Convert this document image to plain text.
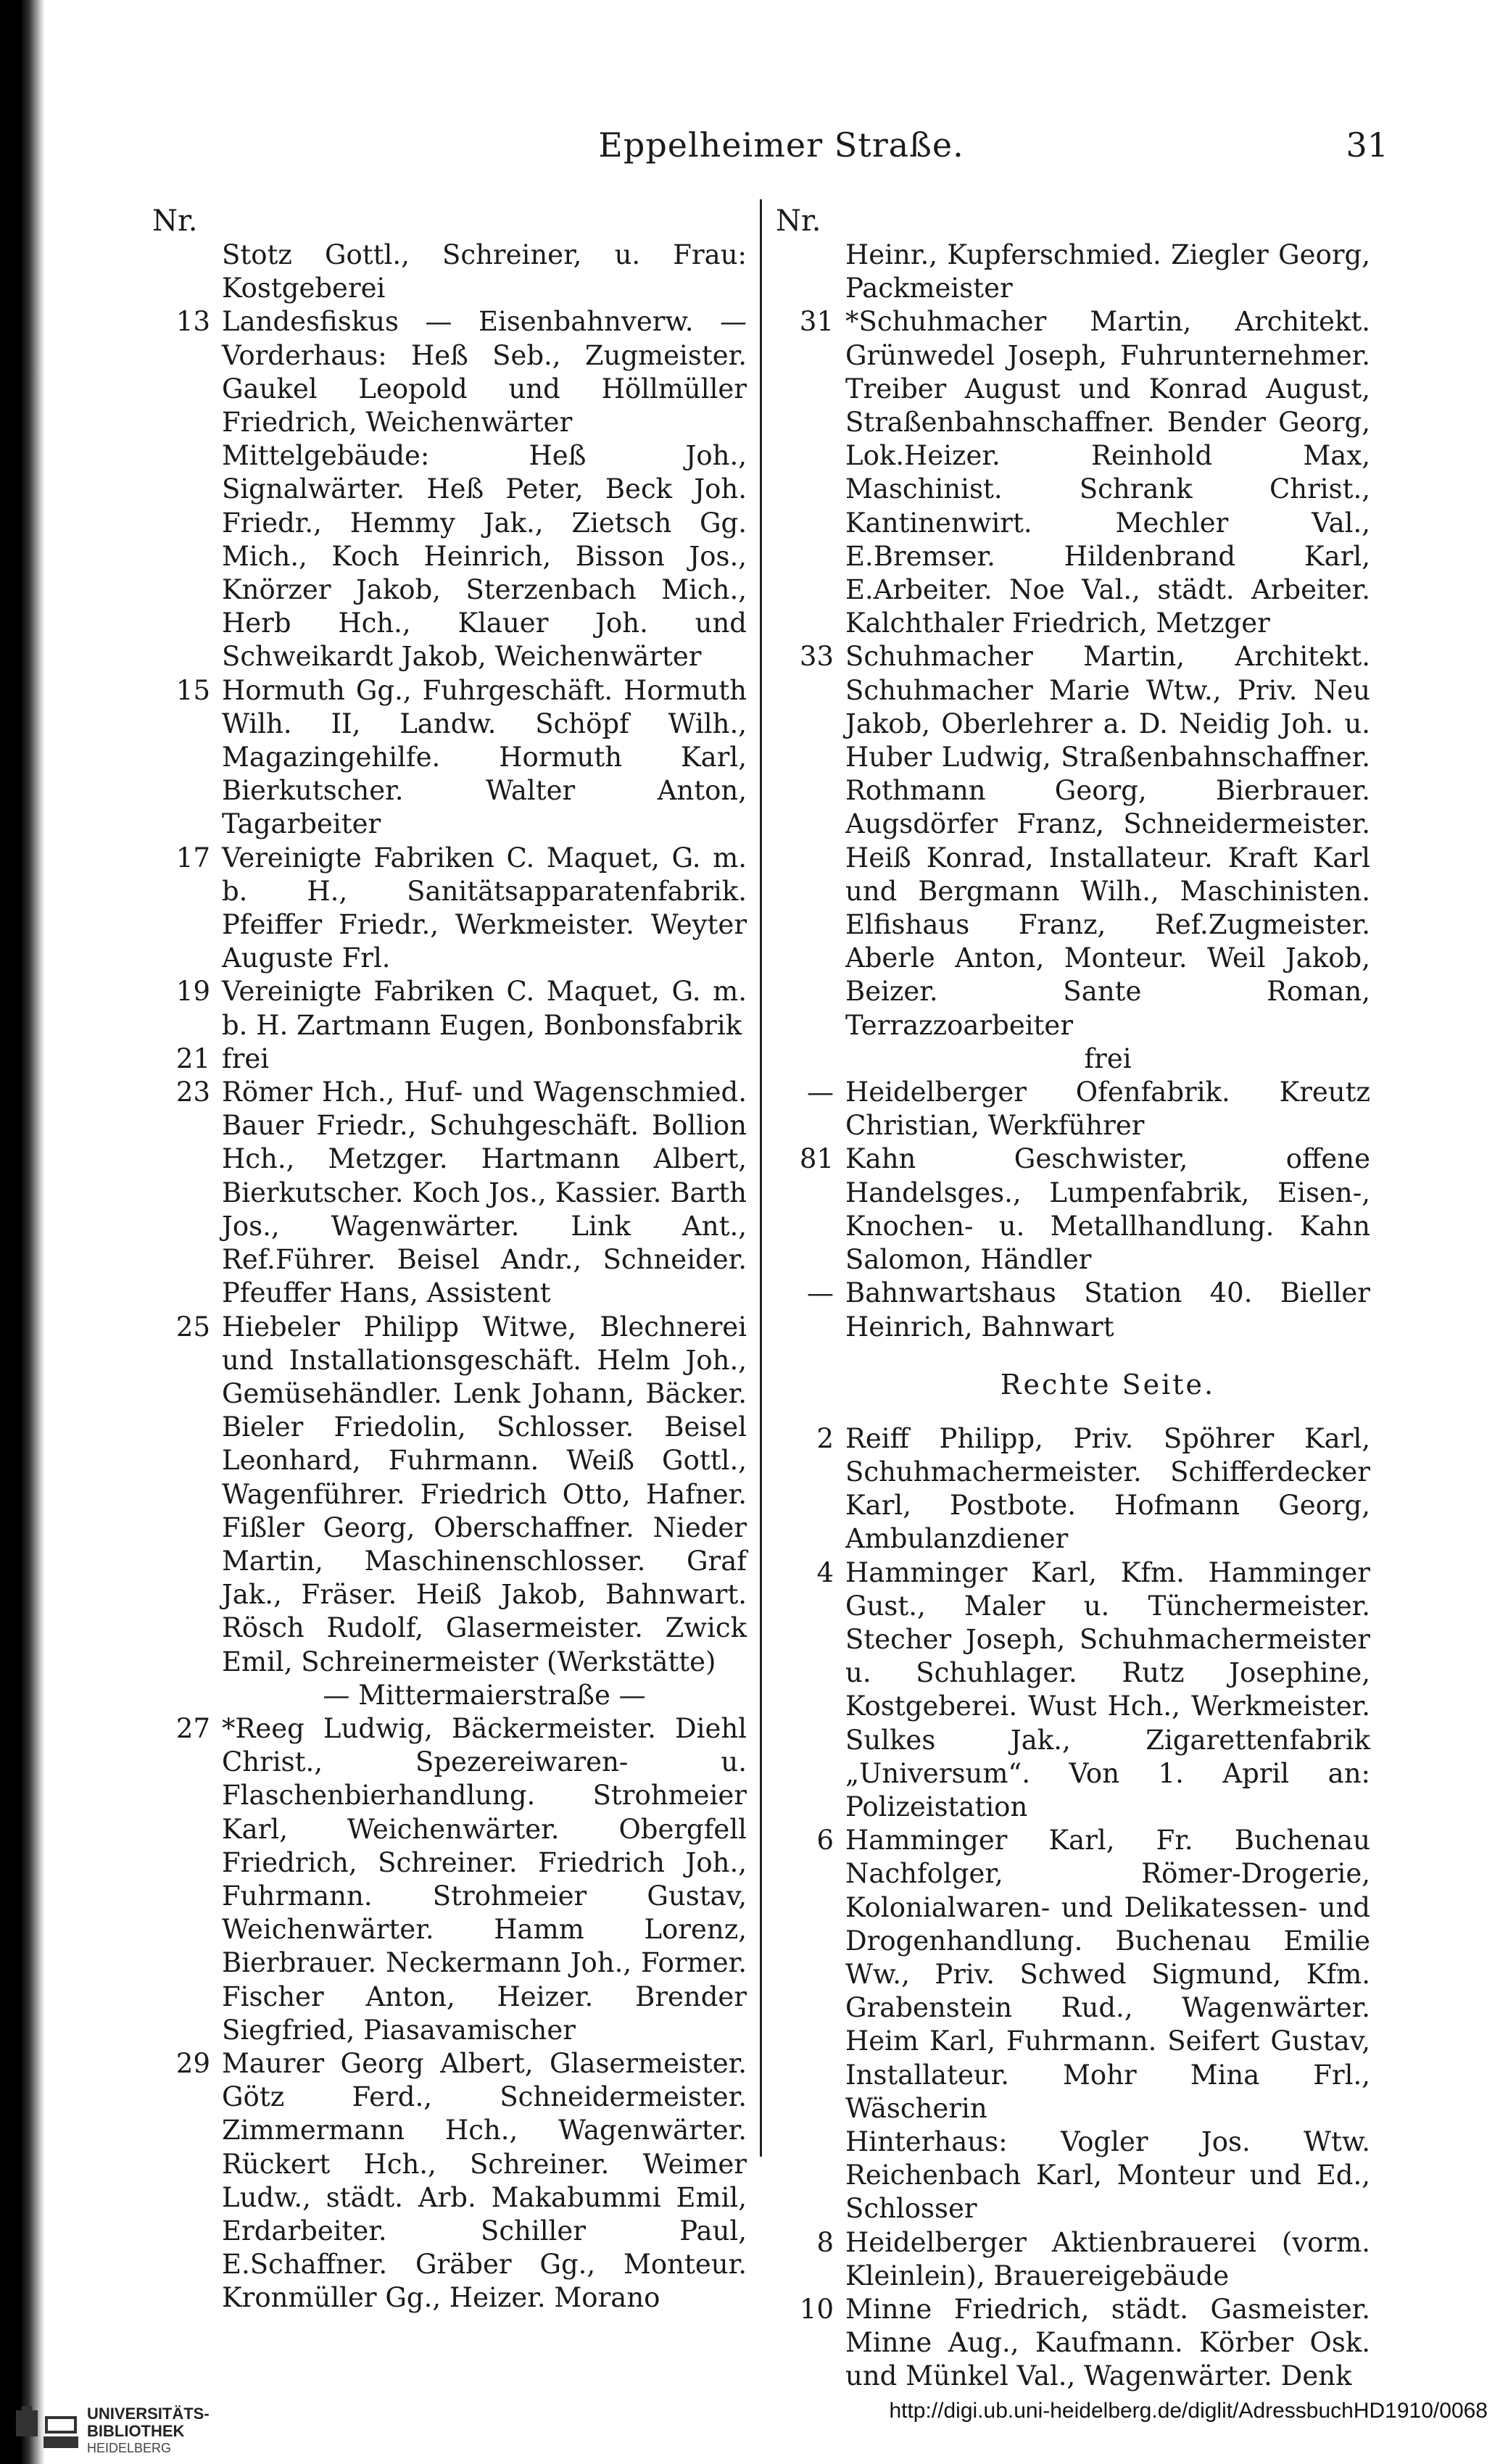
Eppelheimer Straße.	31
Nr.
Stotz Gottl., Schreiner, u. Frau: Kostgeberei
13 Landesfiskus — Eisenbahnverw. — Vorderhaus: Heß Seb., Zugmeister. Gaukel Leopold und Höllmüller Friedrich, Weichenwärter
Mittelgebäude: Heß Joh., Signalwärter. Heß Peter, Beck Joh. Friedr., Hemmy Jak., Zietsch Gg. Mich., Koch Heinrich, Bisson Jos., Knörzer Jakob, Sterzenbach Mich., Herb Hch., Klauer Joh. und Schweikardt Jakob, Weichenwärter
15 Hormuth Gg., Fuhrgeschäft. Hormuth Wilh. II, Landw. Schöpf Wilh., Magazingehilfe. Hormuth Karl, Bierkutscher. Walter Anton, Tagarbeiter
17 Vereinigte Fabriken C. Maquet, G. m. b. H., Sanitätsapparatenfabrik. Pfeiffer Friedr., Werkmeister. Weyter Auguste Frl.
19 Vereinigte Fabriken C. Maquet, G. m. b. H. Zartmann Eugen, Bonbonsfabrik
21 frei
23 Römer Hch., Huf- und Wagenschmied. Bauer Friedr., Schuhgeschäft. Bollion Hch., Metzger. Hartmann Albert, Bierkutscher. Koch Jos., Kassier. Barth Jos., Wagenwärter. Link Ant., Ref.Führer. Beisel Andr., Schneider. Pfeuffer Hans, Assistent
25 Hiebeler Philipp Witwe, Blechnerei und Installationsgeschäft. Helm Joh., Gemüsehändler. Lenk Johann, Bäcker. Bieler Friedolin, Schlosser. Beisel Leonhard, Fuhrmann. Weiß Gottl., Wagenführer. Friedrich Otto, Hafner. Fißler Georg, Oberschaffner. Nieder Martin, Maschinenschlosser. Graf Jak., Fräser. Heiß Jakob, Bahnwart. Rösch Rudolf, Glasermeister. Zwick Emil, Schreinermeister (Werkstätte)
— Mittermaierstraße —
27 *Reeg Ludwig, Bäckermeister. Diehl Christ., Spezereiwaren- u. Flaschenbierhandlung. Strohmeier Karl, Weichenwärter. Obergfell Friedrich, Schreiner. Friedrich Joh., Fuhrmann. Strohmeier Gustav, Weichenwärter. Hamm Lorenz, Bierbrauer. Neckermann Joh., Former. Fischer Anton, Heizer. Brender Siegfried, Piasavamischer
29 Maurer Georg Albert, Glasermeister. Götz Ferd., Schneidermeister. Zimmermann Hch., Wagenwärter. Rückert Hch., Schreiner. Weimer Ludw., städt. Arb. Makabummi Emil, Erdarbeiter. Schiller Paul, E.Schaffner. Gräber Gg., Monteur. Kronmüller Gg., Heizer. Morano
Nr.
Heinr., Kupferschmied. Ziegler Georg, Packmeister
31 *Schuhmacher Martin, Architekt. Grünwedel Joseph, Fuhrunternehmer. Treiber August und Konrad August, Straßenbahnschaffner. Bender Georg, Lok.Heizer. Reinhold Max, Maschinist. Schrank Christ., Kantinenwirt. Mechler Val., E.Bremser. Hildenbrand Karl, E.Arbeiter. Noe Val., städt. Arbeiter. Kalchthaler Friedrich, Metzger
33 Schuhmacher Martin, Architekt. Schuhmacher Marie Wtw., Priv. Neu Jakob, Oberlehrer a. D. Neidig Joh. u. Huber Ludwig, Straßenbahnschaffner. Rothmann Georg, Bierbrauer. Augsdörfer Franz, Schneidermeister. Heiß Konrad, Installateur. Kraft Karl und Bergmann Wilh., Maschinisten. Elfishaus Franz, Ref.Zugmeister. Aberle Anton, Monteur. Weil Jakob, Beizer. Sante Roman, Terrazzoarbeiter
frei
— Heidelberger Ofenfabrik. Kreutz Christian, Werkführer
81 Kahn Geschwister, offene Handelsges., Lumpenfabrik, Eisen-, Knochen- u. Metallhandlung. Kahn Salomon, Händler
— Bahnwartshaus Station 40. Bieller Heinrich, Bahnwart
Rechte Seite.
2 Reiff Philipp, Priv. Spöhrer Karl, Schuhmachermeister. Schifferdecker Karl, Postbote. Hofmann Georg, Ambulanzdiener
4 Hamminger Karl, Kfm. Hamminger Gust., Maler u. Tünchermeister. Stecher Joseph, Schuhmachermeister u. Schuhlager. Rutz Josephine, Kostgeberei. Wust Hch., Werkmeister. Sulkes Jak., Zigarettenfabrik „Universum“. Von 1. April an: Polizeistation
6 Hamminger Karl, Fr. Buchenau Nachfolger, Römer-Drogerie, Kolonialwaren- und Delikatessen- und Drogenhandlung. Buchenau Emilie Ww., Priv. Schwed Sigmund, Kfm. Grabenstein Rud., Wagenwärter. Heim Karl, Fuhrmann. Seifert Gustav, Installateur. Mohr Mina Frl., Wäscherin
Hinterhaus: Vogler Jos. Wtw. Reichenbach Karl, Monteur und Ed., Schlosser
8 Heidelberger Aktienbrauerei (vorm. Kleinlein), Brauereigebäude
10 Minne Friedrich, städt. Gasmeister. Minne Aug., Kaufmann. Körber Osk. und Münkel Val., Wagenwärter. Denk
UNIVERSITÄTS-
BIBLIOTHEK
HEIDELBERG
http://digi.ub.uni-heidelberg.de/diglit/AdressbuchHD1910/0068
